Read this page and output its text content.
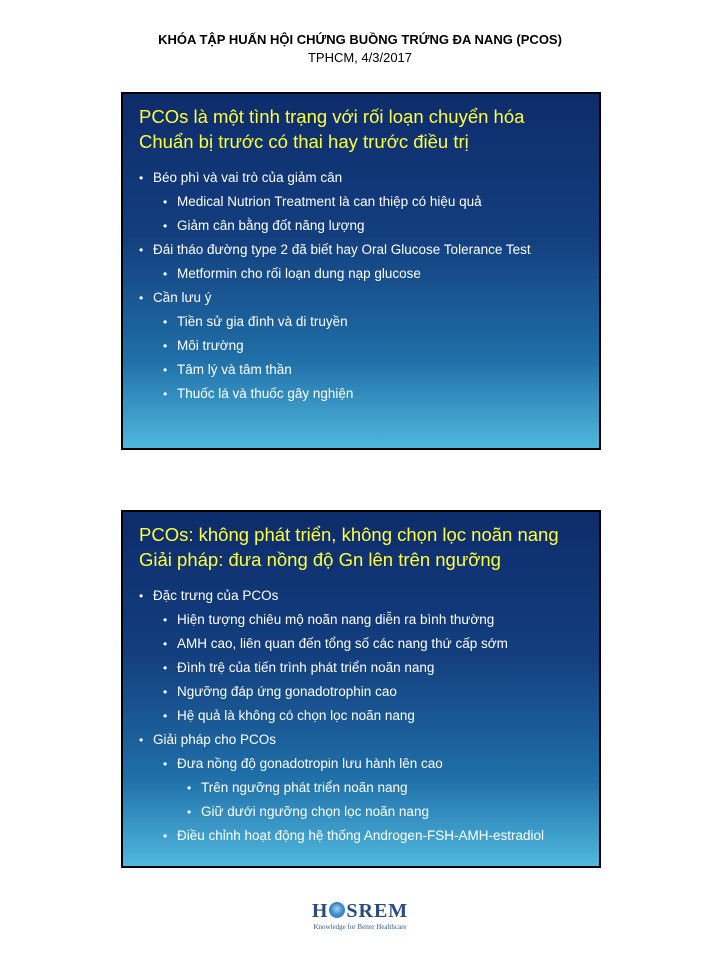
KHÓA TẬP HUẤN HỘI CHỨNG BUỒNG TRỨNG ĐA NANG (PCOS)
TPHCM, 4/3/2017
PCOs là một tình trạng với rối loạn chuyển hóa
Chuẩn bị trước có thai hay trước điều trị
• Béo phì và vai trò của giảm cân
• Medical Nutrion Treatment là can thiệp có hiệu quả
• Giảm cân bằng đốt năng lượng
• Đái tháo đường type 2 đã biết hay Oral Glucose Tolerance Test
• Metformin cho rối loạn dung nạp glucose
• Cần lưu ý
• Tiền sử gia đình và di truyền
• Môi trường
• Tâm lý và tâm thần
• Thuốc lá và thuốc gây nghiện
PCOs: không phát triển, không chọn lọc noãn nang
Giải pháp: đưa nồng độ Gn lên trên ngưỡng
• Đặc trưng của PCOs
• Hiện tượng chiêu mộ noãn nang diễn ra bình thường
• AMH cao, liên quan đến tổng số các nang thứ cấp sớm
• Đình trệ của tiến trình phát triển noãn nang
• Ngưỡng đáp ứng gonadotrophin cao
• Hệ quả là không có chọn lọc noãn nang
• Giải pháp cho PCOs
• Đưa nồng độ gonadotropin lưu hành lên cao
• Trên ngưỡng phát triển noãn nang
• Giữ dưới ngưỡng chọn lọc noãn nang
• Điều chỉnh hoạt động hệ thống Androgen-FSH-AMH-estradiol
H SREM
Knowledge for Better Healthcare
